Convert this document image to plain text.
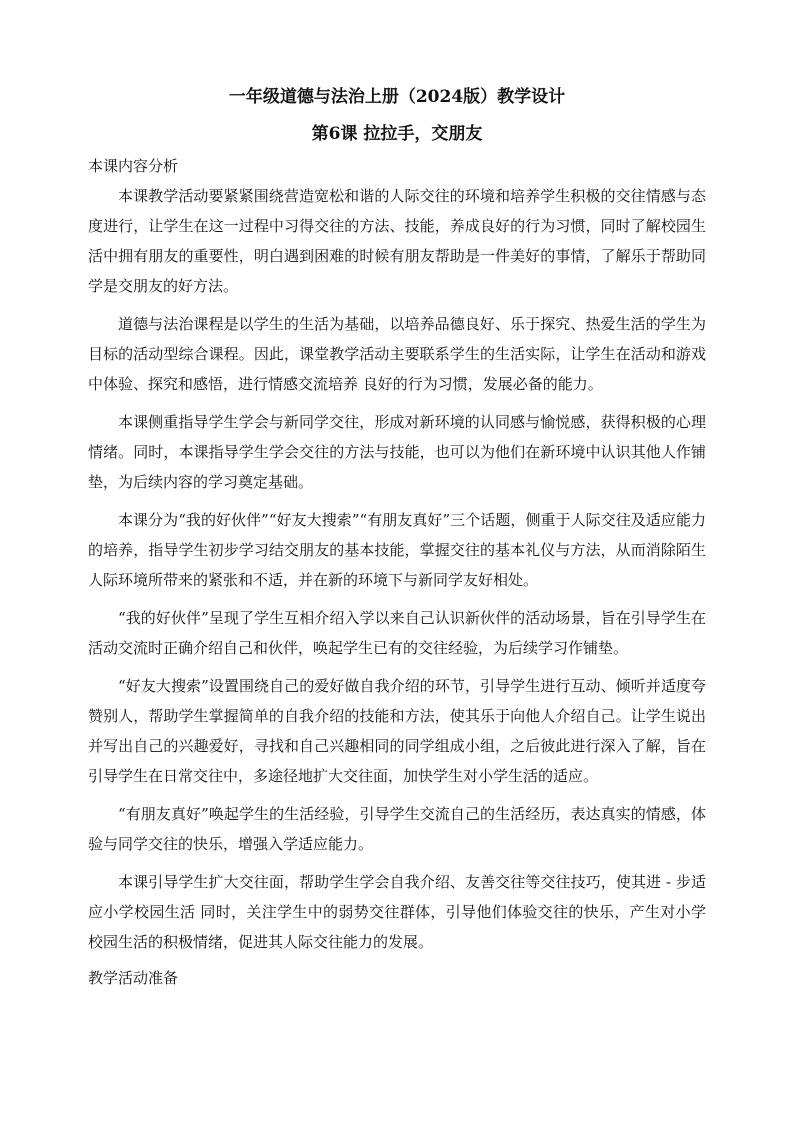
一年级道德与法治上册（2024版）教学设计
第6课 拉拉手，交朋友

本课内容分析

本课教学活动要紧紧围绕营造宽松和谐的人际交往的环境和培养学生积极的交往情感与态度进行，让学生在这一过程中习得交往的方法、技能，养成良好的行为习惯，同时了解校园生活中拥有朋友的重要性，明白遇到困难的时候有朋友帮助是一件美好的事情，了解乐于帮助同学是交朋友的好方法。

道德与法治课程是以学生的生活为基础，以培养品德良好、乐于探究、热爱生活的学生为目标的活动型综合课程。因此，课堂教学活动主要联系学生的生活实际，让学生在活动和游戏中体验、探究和感悟，进行情感交流培养 良好的行为习惯，发展必备的能力。

本课侧重指导学生学会与新同学交往，形成对新环境的认同感与愉悦感，获得积极的心理情绪。同时，本课指导学生学会交往的方法与技能，也可以为他们在新环境中认识其他人作铺垫，为后续内容的学习奠定基础。

本课分为“我的好伙伴”“好友大搜索”“有朋友真好”三个话题，侧重于人际交往及适应能力的培养，指导学生初步学习结交朋友的基本技能，掌握交往的基本礼仪与方法，从而消除陌生人际环境所带来的紧张和不适，并在新的环境下与新同学友好相处。

“我的好伙伴”呈现了学生互相介绍入学以来自己认识新伙伴的活动场景，旨在引导学生在活动交流时正确介绍自己和伙伴，唤起学生已有的交往经验，为后续学习作铺垫。

“好友大搜索”设置围绕自己的爱好做自我介绍的环节，引导学生进行互动、倾听并适度夸赞别人，帮助学生掌握简单的自我介绍的技能和方法，使其乐于向他人介绍自己。让学生说出并写出自己的兴趣爱好，寻找和自己兴趣相同的同学组成小组，之后彼此进行深入了解，旨在引导学生在日常交往中，多途径地扩大交往面，加快学生对小学生活的适应。

“有朋友真好”唤起学生的生活经验，引导学生交流自己的生活经历，表达真实的情感，体验与同学交往的快乐，增强入学适应能力。

本课引导学生扩大交往面，帮助学生学会自我介绍、友善交往等交往技巧，使其进 - 步适应小学校园生活 同时，关注学生中的弱势交往群体，引导他们体验交往的快乐，产生对小学校园生活的积极情绪，促进其人际交往能力的发展。

教学活动准备
